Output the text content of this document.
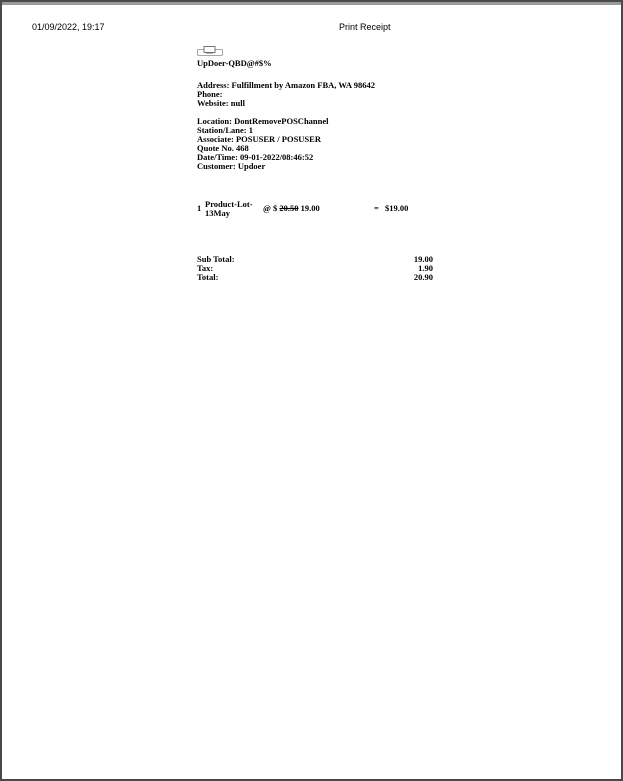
01/09/2022, 19:17	Print Receipt
UpDoer-QBD@#$%
Address: Fulfillment by Amazon FBA, WA 98642
Phone:
Website: null
Location: DontRemovePOSChannel
Station/Lane: 1
Associate: POSUSER / POSUSER
Quote No. 468
Date/Time: 09-01-2022/08:46:52
Customer: Updoer
1 Product-Lot-13May	@ $ 20.50 19.00	= $19.00
Sub Total:	19.00
Tax:	1.90
Total:	20.90
